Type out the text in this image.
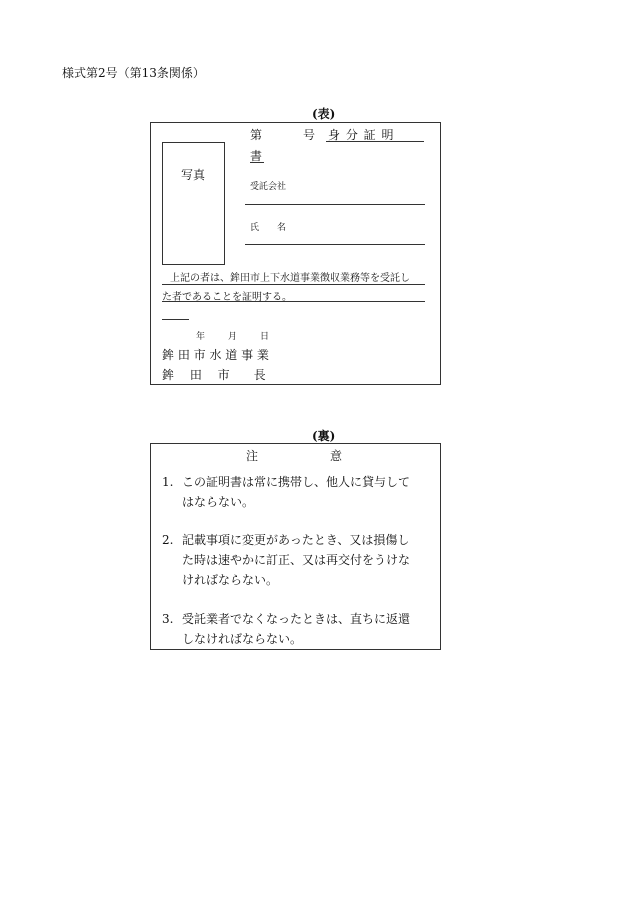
様式第2号（第13条関係）
(表)
第	号 身 分 証 明
書
写真
受託会社
氏　　名
上記の者は、鉾田市上下水道事業徴収業務等を受託し
た者であることを証明する。
年	月	日
鉾 田 市 水 道 事 業
鉾　 田　 市　　長
(裏)
注	意
1. この証明書は常に携帯し、他人に貸与して
はならない。
2. 記載事項に変更があったとき、又は損傷し
た時は速やかに訂正、又は再交付をうけな
ければならない。
3. 受託業者でなくなったときは、直ちに返還
しなければならない。
